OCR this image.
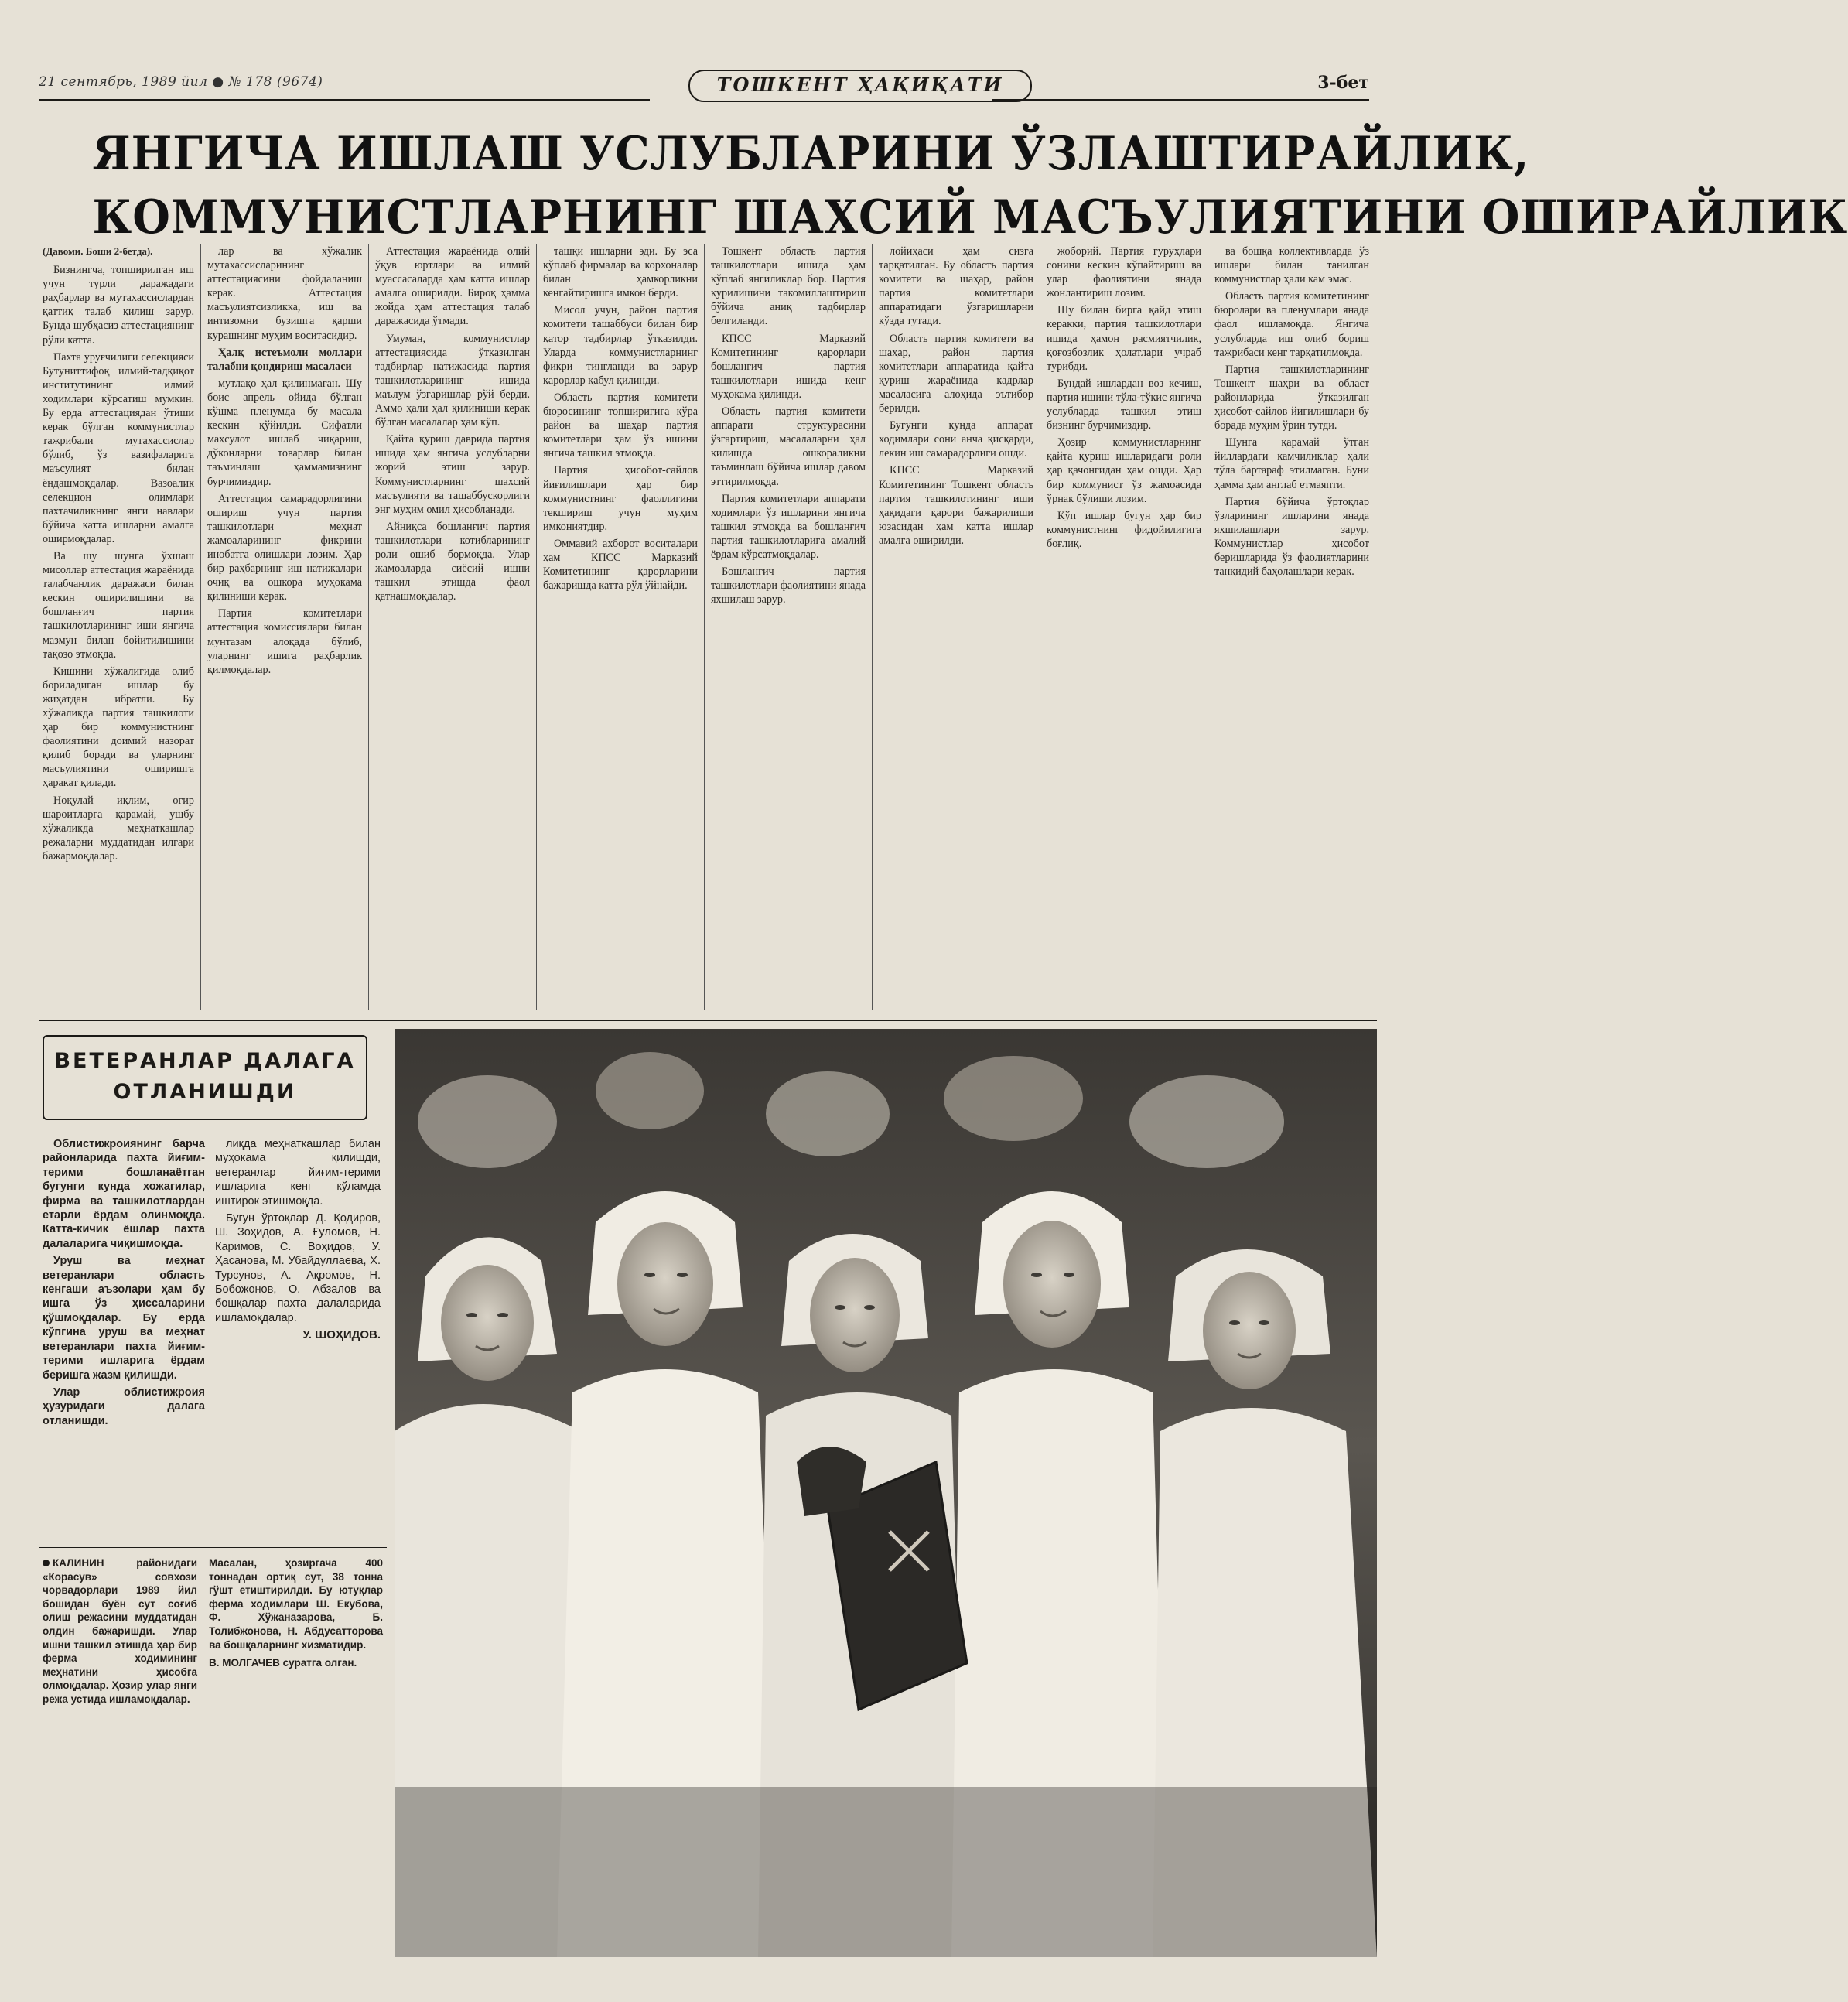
21 сентябрь, 1989 йил ● № 178 (9674)	ТОШКЕНТ ҲАҚИҚАТИ	3-бет
ЯНГИЧА ИШЛАШ УСЛУБЛАРИНИ ЎЗЛАШТИРАЙЛИК,
КОММУНИСТЛАРНИНГ ШАХСИЙ МАСЪУЛИЯТИНИ ОШИРАЙЛИК

(Давоми. Боши 2-бетда).

Бизнингча, топширилган иш учун турли даражадаги раҳбарлар ва мутахассислардан қаттиқ талаб қилиш зарур. Бунда шубҳасиз аттестациянинг рўли катта.

Пахта уруғчилиги селекцияси Бутуниттифоқ илмий-тадқиқот институтининг илмий ходимлари кўрсатиш мумкин. Бу ерда аттестациядан ўтиши керак бўлган коммунистлар тажрибали мутахассислар бўлиб, ўз вазифаларига маъсулият билан ёндашмоқдалар. Вазоалик селекцион олимлари пахтачиликнинг янги навлари бўйича катта ишларни амалга оширмоқдалар.

Ва шу шунга ўхшаш мисоллар аттестация жараёнида талабчанлик даражаси билан кескин оширилишини ва бошланғич партия ташкилотларининг иши янгича мазмун билан бойитилишини тақозо этмоқда.

Кишини хўжалигида олиб бориладиган ишлар бу жиҳатдан ибратли. Бу хўжаликда партия ташкилоти ҳар бир коммунистнинг фаолиятини доимий назорат қилиб боради ва уларнинг масъулиятини оширишга ҳаракат қилади.

Ноқулай иқлим, оғир шароитларга қарамай, ушбу хўжаликда меҳнаткашлар режаларни муддатидан илгари бажармоқдалар.

лар ва хўжалик мутахассисларининг аттестациясини фойдаланиш керак. Аттестация масъулиятсизликка, иш ва интизомни бузишга қарши курашнинг муҳим воситасидир.

Ҳалқ истеъмоли моллари талабни қондириш масаласи

мутлақо ҳал қилинмаган. Шу боис апрель ойида бўлган кўшма пленумда бу масала кескин қўйилди. Сифатли маҳсулот ишлаб чиқариш, дўконларни товарлар билан таъминлаш ҳаммамизнинг бурчимиздир.

Аттестация самарадорлигини ошириш учун партия ташкилотлари меҳнат жамоаларининг фикрини инобатга олишлари лозим. Ҳар бир раҳбарнинг иш натижалари очиқ ва ошкора муҳокама қилиниши керак.

Партия комитетлари аттестация комиссиялари билан мунтазам алоқада бўлиб, уларнинг ишига раҳбарлик қилмоқдалар.

Аттестация жараёнида олий ўқув юртлари ва илмий муассасаларда ҳам катта ишлар амалга оширилди. Бироқ ҳамма жойда ҳам аттестация талаб даражасида ўтмади.

Умуман, коммунистлар аттестациясида ўтказилган тадбирлар натижасида партия ташкилотларининг ишида маълум ўзгаришлар рўй берди. Аммо ҳали ҳал қилиниши керак бўлган масалалар ҳам кўп.

Қайта қуриш даврида партия ишида ҳам янгича услубларни жорий этиш зарур. Коммунистларнинг шахсий масъулияти ва ташаббускорлиги энг муҳим омил ҳисобланади.

Айниқса бошланғич партия ташкилотлари котибларининг роли ошиб бормоқда. Улар жамоаларда сиёсий ишни ташкил этишда фаол қатнашмоқдалар.

ташқи ишларни эди. Бу эса кўплаб фирмалар ва корхоналар билан ҳамкорликни кенгайтиришга имкон берди.

Мисол учун, район партия комитети ташаббуси билан бир қатор тадбирлар ўтказилди. Уларда коммунистларнинг фикри тингланди ва зарур қарорлар қабул қилинди.

Область партия комитети бюросининг топшириғига кўра район ва шаҳар партия комитетлари ҳам ўз ишини янгича ташкил этмоқда.

Партия ҳисобот-сайлов йиғилишлари ҳар бир коммунистнинг фаоллигини текшириш учун муҳим имкониятдир.

Оммавий ахборот воситалари ҳам КПСС Марказий Комитетининг қарорларини бажаришда катта рўл ўйнайди.

Тошкент область партия ташкилотлари ишида ҳам кўплаб янгиликлар бор. Партия қурилишини такомиллаштириш бўйича аниқ тадбирлар белгиланди.

КПСС Марказий Комитетининг қарорлари бошланғич партия ташкилотлари ишида кенг муҳокама қилинди.

Область партия комитети аппарати структурасини ўзгартириш, масалаларни ҳал қилишда ошкораликни таъминлаш бўйича ишлар давом эттирилмоқда.

Партия комитетлари аппарати ходимлари ўз ишларини янгича ташкил этмоқда ва бошланғич партия ташкилотларига амалий ёрдам кўрсатмоқдалар.

Бошланғич партия ташкилотлари фаолиятини янада яхшилаш зарур.

лойиҳаси ҳам сизга тарқатилган. Бу область партия комитети ва шаҳар, район партия комитетлари аппаратидаги ўзгаришларни кўзда тутади.

Область партия комитети ва шаҳар, район партия комитетлари аппаратида қайта қуриш жараёнида кадрлар масаласига алоҳида эътибор берилди.

Бугунги кунда аппарат ходимлари сони анча қисқарди, лекин иш самарадорлиги ошди.

КПСС Марказий Комитетининг Тошкент область партия ташкилотининг иши ҳақидаги қарори бажарилиши юзасидан ҳам катта ишлар амалга оширилди.

жоборий. Партия гуруҳлари сонини кескин кўпайтириш ва улар фаолиятини янада жонлантириш лозим.

Шу билан бирга қайд этиш керакки, партия ташкилотлари ишида ҳамон расмиятчилик, қоғозбозлик ҳолатлари учраб турибди.

Бундай ишлардан воз кечиш, партия ишини тўла-тўкис янгича услубларда ташкил этиш бизнинг бурчимиздир.

Ҳозир коммунистларнинг қайта қуриш ишларидаги роли ҳар қачонгидан ҳам ошди. Ҳар бир коммунист ўз жамоасида ўрнак бўлиши лозим.

Кўп ишлар бугун ҳар бир коммунистнинг фидойилигига боғлиқ.

ва бошқа коллективларда ўз ишлари билан танилган коммунистлар ҳали кам эмас.

Область партия комитетининг бюролари ва пленумлари янада фаол ишламоқда. Янгича услубларда иш олиб бориш тажрибаси кенг тарқатилмоқда.

Партия ташкилотларининг Тошкент шаҳри ва област районларида ўтказилган ҳисобот-сайлов йиғилишлари бу борада муҳим ўрин тутди.

Шунга қарамай ўтган йиллардаги камчиликлар ҳали тўла бартараф этилмаган. Буни ҳамма ҳам англаб етмаяпти.

Партия бўйича ўртоқлар ўзларининг ишларини янада яхшилашлари зарур. Коммунистлар ҳисобот беришларида ўз фаолиятларини танқидий баҳолашлари керак.

ВЕТЕРАНЛАР ДАЛАГА
ОТЛАНИШДИ

Облистижроиянинг барча районларида пахта йиғим-терими бошланаётган бугунги кунда хожагилар, фирма ва ташкилотлардан етарли ёрдам олинмоқда. Катта-кичик ёшлар пахта далаларига чиқишмоқда.

Уруш ва меҳнат ветеранлари область кенгаши аъзолари ҳам бу ишга ўз ҳиссаларини қўшмоқдалар. Бу ерда кўпгина уруш ва меҳнат ветеранлари пахта йиғим-терими ишларига ёрдам беришга жазм қилишди.

Улар облистижроия ҳузуридаги далага отланишди.

лиқда меҳнаткашлар билан муҳокама қилишди, ветеранлар йиғим-терими ишларига кенг кўламда иштирок этишмоқда.

Бугун ўртоқлар Д. Қодиров, Ш. Зоҳидов, А. Ғуломов, Н. Каримов, С. Воҳидов, У. Ҳасанова, М. Убайдуллаева, Х. Турсунов, А. Ақромов, Н. Бобожонов, О. Абзалов ва бошқалар пахта далаларида ишламоқдалар.

У. ШОҲИДОВ.

КАЛИНИН районидаги «Корасув» совхози чорвадорлари 1989 йил бошидан буён сут соғиб олиш режасини муддатидан олдин бажаришди. Улар ишни ташкил этишда ҳар бир ферма ходимининг меҳнатини ҳисобга олмоқдалар. Ҳозир улар янги режа устида ишламоқдалар.
Масалан, ҳозиргача 400 тоннадан ортиқ сут, 38 тонна гўшт етиштирилди. Бу ютуқлар ферма ходимлари Ш. Екубова, Ф. Хўжаназарова, Б. Толибжонова, Н. Абдусатторова ва бошқаларнинг хизматидир.
В. МОЛГАЧЕВ суратга олган.
